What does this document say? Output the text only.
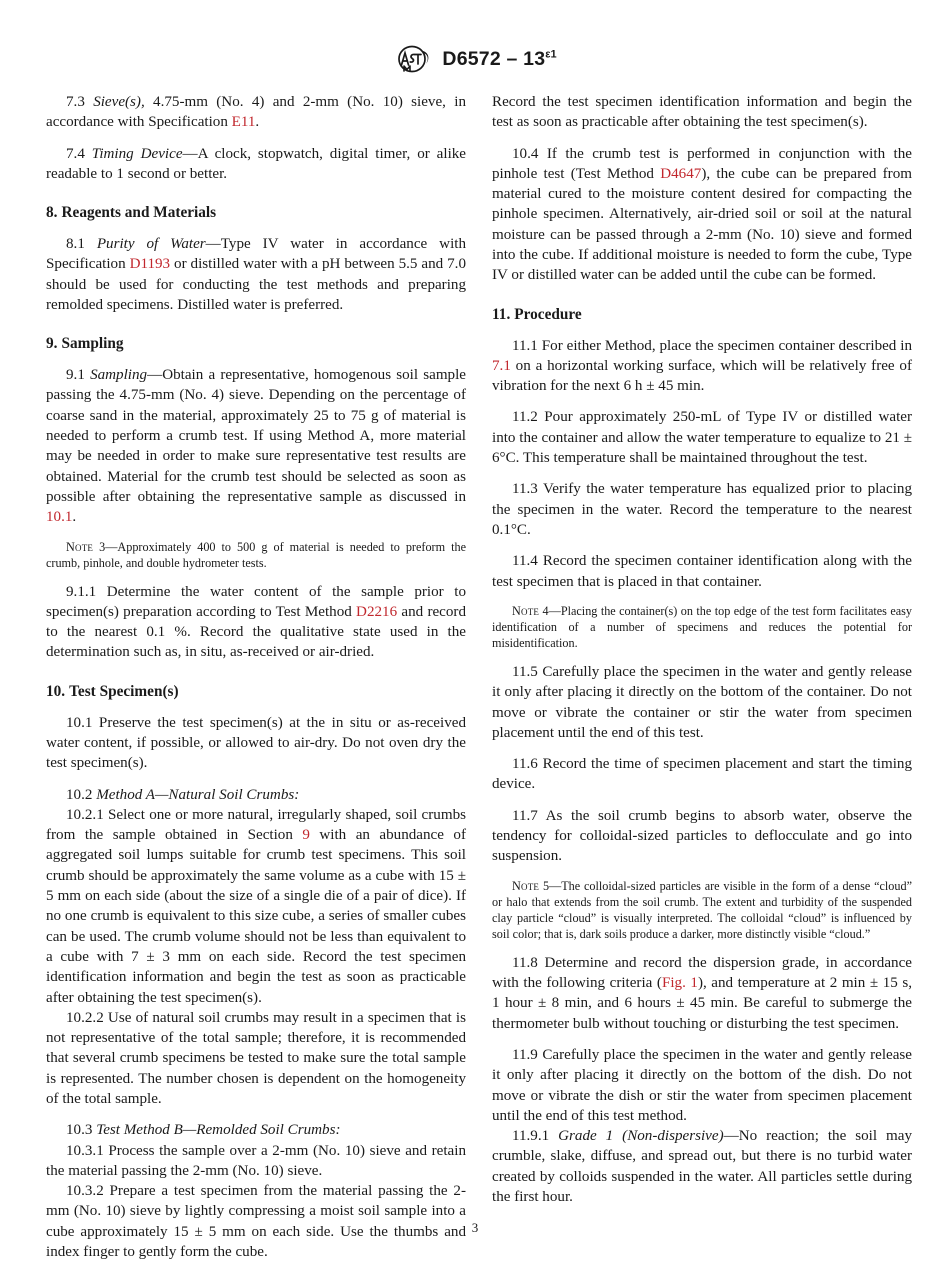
$D6572 - 13^{\varepsilon 1}$

7.3 Sieve(s), 4.75-mm (No. 4) and 2-mm (No. 10) sieve, in accordance with Specification E11.

7.4 Timing Device—A clock, stopwatch, digital timer, or alike readable to 1 second or better.

8. Reagents and Materials

8.1 Purity of Water—Type IV water in accordance with Specification D1193 or distilled water with a pH between 5.5 and 7.0 should be used for conducting the test methods and preparing remolded specimens. Distilled water is preferred.

9. Sampling

9.1 Sampling—Obtain a representative, homogenous soil sample passing the 4.75-mm (No. 4) sieve. Depending on the percentage of coarse sand in the material, approximately 25 to 75 g of material is needed to perform a crumb test. If using Method A, more material may be needed in order to make sure representative test results are obtained. Material for the crumb test should be selected as soon as possible after obtaining the representative sample as discussed in 10.1.

Note 3—Approximately 400 to 500 g of material is needed to preform the crumb, pinhole, and double hydrometer tests.

9.1.1 Determine the water content of the sample prior to specimen(s) preparation according to Test Method D2216 and record to the nearest 0.1 %. Record the qualitative state used in the determination such as, in situ, as-received or air-dried.

10. Test Specimen(s)

10.1 Preserve the test specimen(s) at the in situ or as-received water content, if possible, or allowed to air-dry. Do not oven dry the test specimen(s).

10.2 Method A—Natural Soil Crumbs:

10.2.1 Select one or more natural, irregularly shaped, soil crumbs from the sample obtained in Section 9 with an abundance of aggregated soil lumps suitable for crumb test specimens. This soil crumb should be approximately the same volume as a cube with 15 ± 5 mm on each side (about the size of a single die of a pair of dice). If no one crumb is equivalent to this size cube, a series of smaller cubes can be used. The crumb volume should not be less than equivalent to a cube with 7 ± 3 mm on each side. Record the test specimen identification information and begin the test as soon as practicable after obtaining the test specimen(s).

10.2.2 Use of natural soil crumbs may result in a specimen that is not representative of the total sample; therefore, it is recommended that several crumb specimens be tested to make sure the total sample is represented. The number chosen is dependent on the homogeneity of the total sample.

10.3 Test Method B—Remolded Soil Crumbs:

10.3.1 Process the sample over a 2-mm (No. 10) sieve and retain the material passing the 2-mm (No. 10) sieve.

10.3.2 Prepare a test specimen from the material passing the 2-mm (No. 10) sieve by lightly compressing a moist soil sample into a cube approximately 15 ± 5 mm on each side. Use the thumbs and index finger to gently form the cube.

Record the test specimen identification information and begin the test as soon as practicable after obtaining the test specimen(s).

10.4 If the crumb test is performed in conjunction with the pinhole test (Test Method D4647), the cube can be prepared from material cured to the moisture content desired for compacting the pinhole specimen. Alternatively, air-dried soil or soil at the natural moisture can be passed through a 2-mm (No. 10) sieve and formed into the cube. If additional moisture is needed to form the cube, Type IV or distilled water can be added until the cube can be formed.

11. Procedure

11.1 For either Method, place the specimen container described in 7.1 on a horizontal working surface, which will be relatively free of vibration for the next 6 h ± 45 min.

11.2 Pour approximately 250-mL of Type IV or distilled water into the container and allow the water temperature to equalize to 21 ± 6°C. This temperature shall be maintained throughout the test.

11.3 Verify the water temperature has equalized prior to placing the specimen in the water. Record the temperature to the nearest 0.1°C.

11.4 Record the specimen container identification along with the test specimen that is placed in that container.

Note 4—Placing the container(s) on the top edge of the test form facilitates easy identification of a number of specimens and reduces the potential for misidentification.

11.5 Carefully place the specimen in the water and gently release it only after placing it directly on the bottom of the container. Do not move or vibrate the container or stir the water from specimen placement until the end of this test.

11.6 Record the time of specimen placement and start the timing device.

11.7 As the soil crumb begins to absorb water, observe the tendency for colloidal-sized particles to deflocculate and go into suspension.

Note 5—The colloidal-sized particles are visible in the form of a dense “cloud” or halo that extends from the soil crumb. The extent and turbidity of the suspended clay particle “cloud” is visually interpreted. The colloidal “cloud” is influenced by soil color; that is, dark soils produce a darker, more distinctly visible “cloud.”

11.8 Determine and record the dispersion grade, in accordance with the following criteria (Fig. 1), and temperature at 2 min ± 15 s, 1 hour ± 8 min, and 6 hours ± 45 min. Be careful to submerge the thermometer bulb without touching or disturbing the test specimen.

11.9 Carefully place the specimen in the water and gently release it only after placing it directly on the bottom of the dish. Do not move or vibrate the dish or stir the water from specimen placement until the end of this test method.

11.9.1 Grade 1 (Non-dispersive)—No reaction; the soil may crumble, slake, diffuse, and spread out, but there is no turbid water created by colloids suspended in the water. All particles settle during the first hour.

3
